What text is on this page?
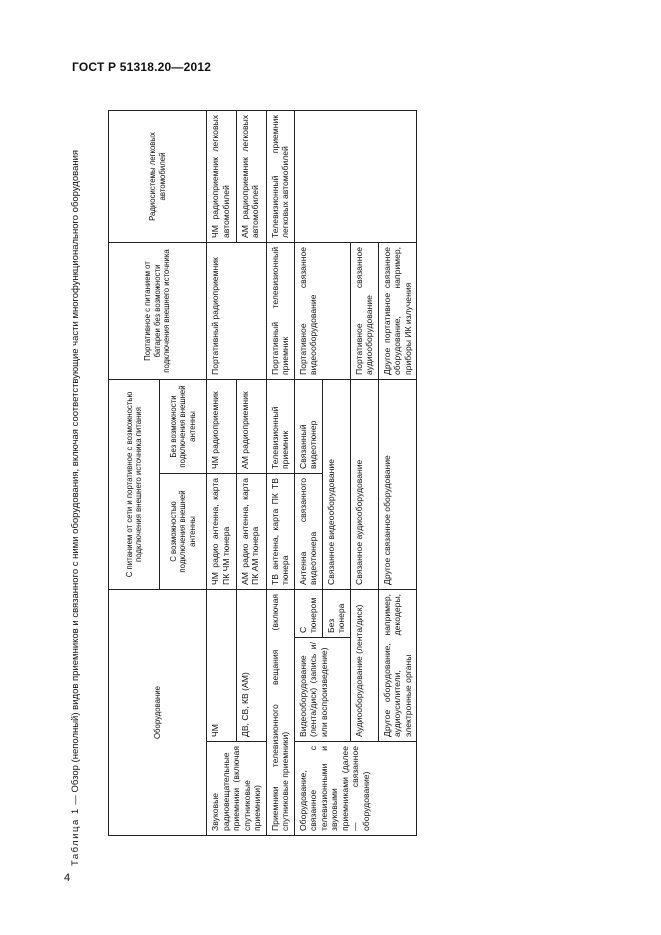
ГОСТ Р 51318.20—2012
4
Таблица 1 — Обзор (неполный) видов приемников и связанного с ними оборудования, включая соответствующие части многофункционального оборудования	Оборудование			С питанием от сети и портативное с возможностью подключения внешнего источника питания		Портативное с питанием от батареи без возможности подключения внешнего источника	Радиосистемы легковых автомобилей
			С возможностью подключения внешней антенны	Без возможности подключения внешней антенны		
Звуковые радиовещательные приемники (включая спутниковые приемники)	ЧМ		ЧМ радио антенна, карта ПК ЧМ тюнера	ЧМ радиоприемник	Портативный радиоприемник	ЧМ радиоприемник легковых автомобилей
	ДВ, СВ, КВ (АМ)		АМ радио антенна, карта ПК АМ тюнера	АМ радиоприемник		АМ радиоприемник легковых автомобилей
Приемники телевизионного вещания (включая спутниковые приемники)			ТВ антенна, карта ПК ТВ тюнера	Телевизионный приемник	Портативный телевизионный приемник	Телевизионный приемник легковых автомобилей
Оборудование, связанное с телевизионными и звуковыми приемниками (далее — связанное оборудование)	Видеооборудование (лента/диск) (запись и/или воспроизведение)	С тюнером	Антенна связанного видеотюнера	Связанный видеотюнер	Портативное связанное видеооборудование	
		Без тюнера	Связанное видеооборудование			
	Аудиооборудование (лента/диск)		Связанное аудиооборудование		Портативное связанное аудиооборудование	
	Другое оборудование, например, аудиоусилители, декодеры, электронные органы		Другое связанное оборудование		Другое портативное связанное оборудование, например, приборы ИК излучения	
